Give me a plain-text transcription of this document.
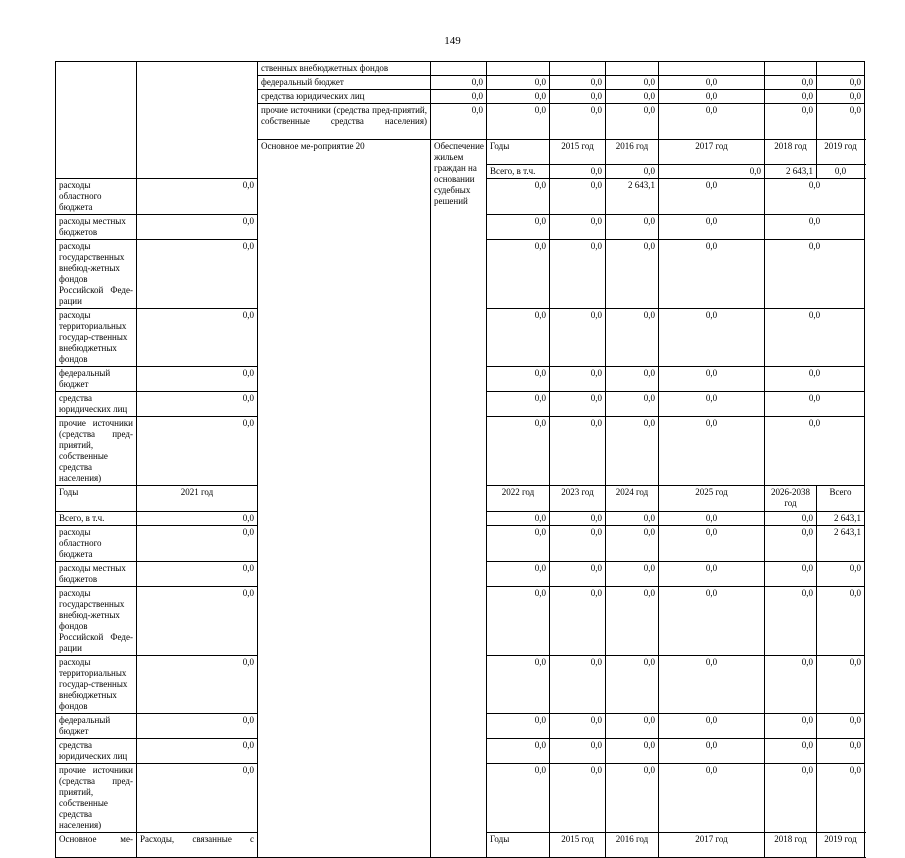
149
		ственных внебюджетных фондов								
		федеральный бюджет	0,0	0,0	0,0	0,0	0,0	0,0	0,0	
		средства юридических лиц	0,0	0,0	0,0	0,0	0,0	0,0	0,0	
		прочие источники (средства пред-приятий, собственные средства населения)	0,0	0,0	0,0	0,0	0,0	0,0	0,0	
		Основное ме-роприятие 20	Обеспечение жильем граждан на основании судебных решений	Годы	2015 год	2016 год	2017 год	2018 год	2019 год	
				Всего, в т.ч.	0,0	0,0	0,0	2 643,1	0,0	
расходы областного бюджета	0,0			0,0	0,0	2 643,1	0,0	0,0		
расходы местных бюджетов	0,0			0,0	0,0	0,0	0,0	0,0		
расходы государственных внебюд-жетных фондов Российской Феде-рации	0,0			0,0	0,0	0,0	0,0	0,0		
расходы территориальных государ-ственных внебюджетных фондов	0,0			0,0	0,0	0,0	0,0	0,0		
федеральный бюджет	0,0			0,0	0,0	0,0	0,0	0,0		
средства юридических лиц	0,0			0,0	0,0	0,0	0,0	0,0		
прочие источники (средства пред-приятий, собственные средства населения)	0,0			0,0	0,0	0,0	0,0	0,0		
Годы	2021 год			2022 год	2023 год	2024 год	2025 год	2026-2038 год	Всего	
Всего, в т.ч.	0,0			0,0	0,0	0,0	0,0	0,0	2 643,1	
расходы областного бюджета	0,0			0,0	0,0	0,0	0,0	0,0	2 643,1	
расходы местных бюджетов	0,0			0,0	0,0	0,0	0,0	0,0	0,0	
расходы государственных внебюд-жетных фондов Российской Феде-рации	0,0			0,0	0,0	0,0	0,0	0,0	0,0	
расходы территориальных государ-ственных внебюджетных фондов	0,0			0,0	0,0	0,0	0,0	0,0	0,0	
федеральный бюджет	0,0			0,0	0,0	0,0	0,0	0,0	0,0	
средства юридических лиц	0,0			0,0	0,0	0,0	0,0	0,0	0,0	
прочие источники (средства пред-приятий, собственные средства населения)	0,0			0,0	0,0	0,0	0,0	0,0	0,0	
Основное ме-	Расходы, связанные с			Годы	2015 год	2016 год	2017 год	2018 год	2019 год	
